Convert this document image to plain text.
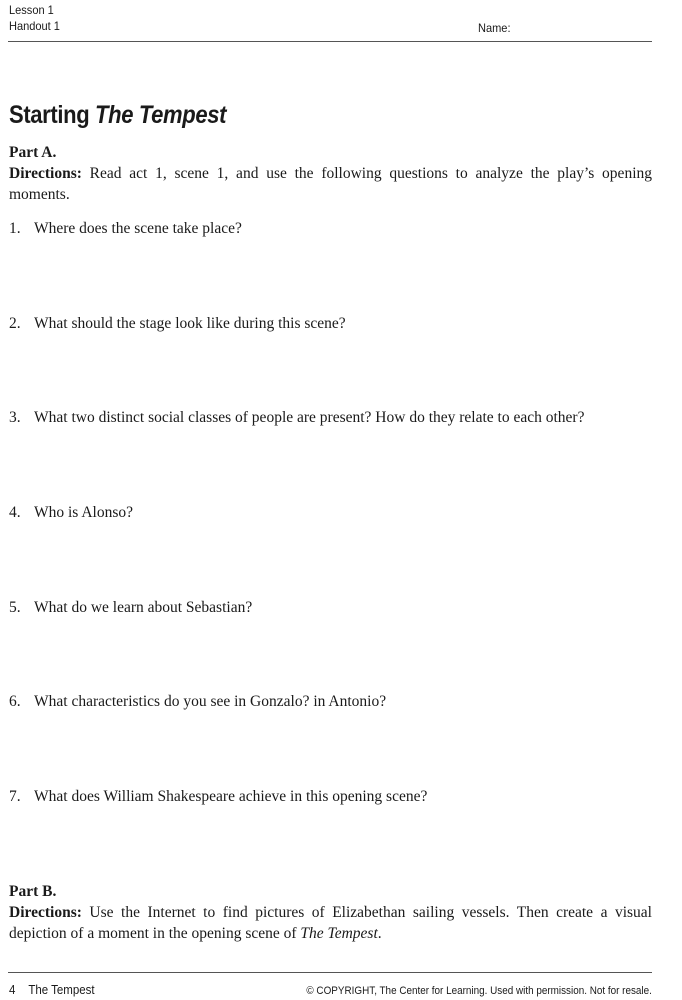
Lesson 1
Handout 1	Name:
Starting The Tempest
Part A.
Directions: Read act 1, scene 1, and use the following questions to analyze the play’s opening moments.
1. Where does the scene take place?
2. What should the stage look like during this scene?
3. What two distinct social classes of people are present? How do they relate to each other?
4. Who is Alonso?
5. What do we learn about Sebastian?
6. What characteristics do you see in Gonzalo? in Antonio?
7. What does William Shakespeare achieve in this opening scene?
Part B.
Directions: Use the Internet to find pictures of Elizabethan sailing vessels. Then create a visual depiction of a moment in the opening scene of The Tempest.
4 The Tempest	© COPYRIGHT, The Center for Learning. Used with permission. Not for resale.
